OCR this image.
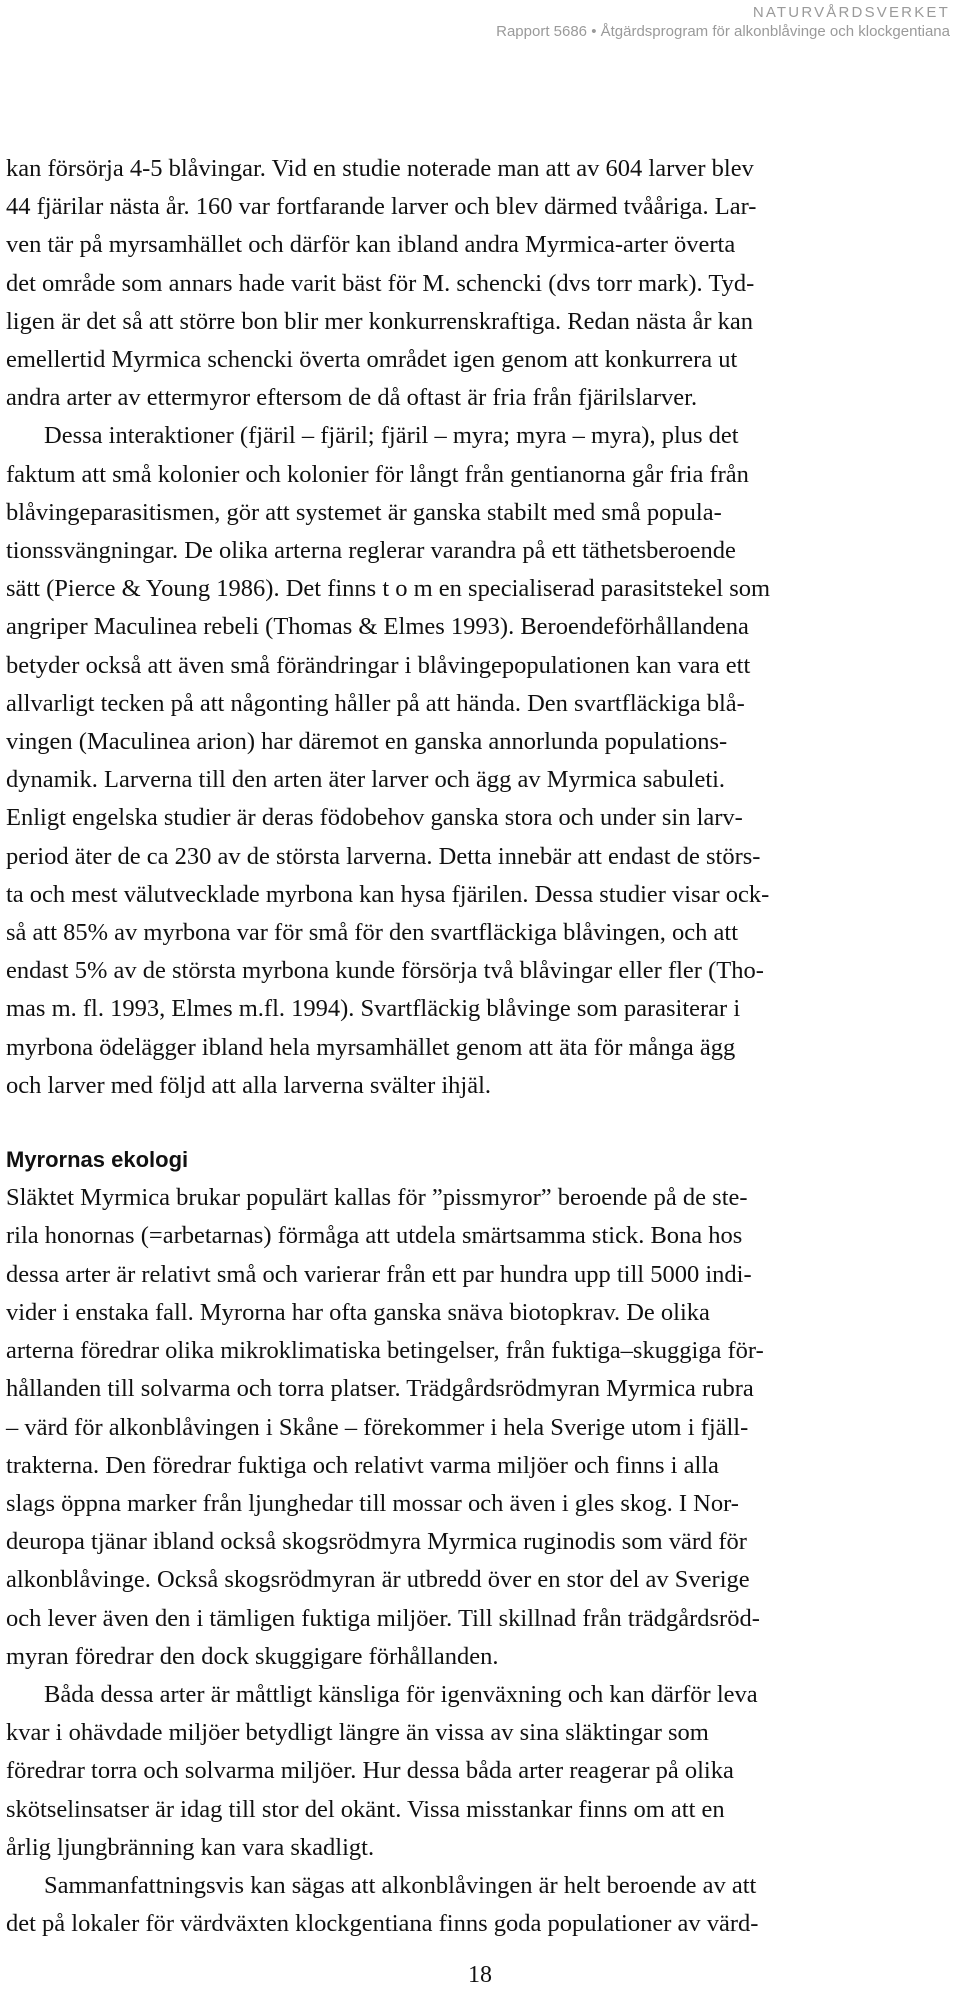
NATURVÅRDSVERKET
Rapport 5686 • Åtgärdsprogram för alkonblåvinge och klockgentiana

kan försörja 4-5 blåvingar. Vid en studie noterade man att av 604 larver blev
44 fjärilar nästa år. 160 var fortfarande larver och blev därmed tvååriga. Lar-
ven tär på myrsamhället och därför kan ibland andra Myrmica-arter överta
det område som annars hade varit bäst för M. schencki (dvs torr mark). Tyd-
ligen är det så att större bon blir mer konkurrenskraftiga. Redan nästa år kan
emellertid Myrmica schencki överta området igen genom att konkurrera ut
andra arter av ettermyror eftersom de då oftast är fria från fjärilslarver.

Dessa interaktioner (fjäril – fjäril; fjäril – myra; myra – myra), plus det
faktum att små kolonier och kolonier för långt från gentianorna går fria från
blåvingeparasitismen, gör att systemet är ganska stabilt med små popula-
tionssvängningar. De olika arterna reglerar varandra på ett täthetsberoende
sätt (Pierce & Young 1986). Det finns t o m en specialiserad parasitstekel som
angriper Maculinea rebeli (Thomas & Elmes 1993). Beroendeförhållandena
betyder också att även små förändringar i blåvingepopulationen kan vara ett
allvarligt tecken på att någonting håller på att hända. Den svartfläckiga blå-
vingen (Maculinea arion) har däremot en ganska annorlunda populations-
dynamik. Larverna till den arten äter larver och ägg av Myrmica sabuleti.
Enligt engelska studier är deras födobehov ganska stora och under sin larv-
period äter de ca 230 av de största larverna. Detta innebär att endast de störs-
ta och mest välutvecklade myrbona kan hysa fjärilen. Dessa studier visar ock-
så att 85% av myrbona var för små för den svartfläckiga blåvingen, och att
endast 5% av de största myrbona kunde försörja två blåvingar eller fler (Tho-
mas m. fl. 1993, Elmes m.fl. 1994). Svartfläckig blåvinge som parasiterar i
myrbona ödelägger ibland hela myrsamhället genom att äta för många ägg
och larver med följd att alla larverna svälter ihjäl.

Myrornas ekologi

Släktet Myrmica brukar populärt kallas för ”pissmyror” beroende på de ste-
rila honornas (=arbetarnas) förmåga att utdela smärtsamma stick. Bona hos
dessa arter är relativt små och varierar från ett par hundra upp till 5000 indi-
vider i enstaka fall. Myrorna har ofta ganska snäva biotopkrav. De olika
arterna föredrar olika mikroklimatiska betingelser, från fuktiga–skuggiga för-
hållanden till solvarma och torra platser. Trädgårdsrödmyran Myrmica rubra
– värd för alkonblåvingen i Skåne – förekommer i hela Sverige utom i fjäll-
trakterna. Den föredrar fuktiga och relativt varma miljöer och finns i alla
slags öppna marker från ljunghedar till mossar och även i gles skog. I Nor-
deuropa tjänar ibland också skogsrödmyra Myrmica ruginodis som värd för
alkonblåvinge. Också skogsrödmyran är utbredd över en stor del av Sverige
och lever även den i tämligen fuktiga miljöer. Till skillnad från trädgårdsröd-
myran föredrar den dock skuggigare förhållanden.

Båda dessa arter är måttligt känsliga för igenväxning och kan därför leva
kvar i ohävdade miljöer betydligt längre än vissa av sina släktingar som
föredrar torra och solvarma miljöer. Hur dessa båda arter reagerar på olika
skötselinsatser är idag till stor del okänt. Vissa misstankar finns om att en
årlig ljungbränning kan vara skadligt.

Sammanfattningsvis kan sägas att alkonblåvingen är helt beroende av att
det på lokaler för värdväxten klockgentiana finns goda populationer av värd-

18
